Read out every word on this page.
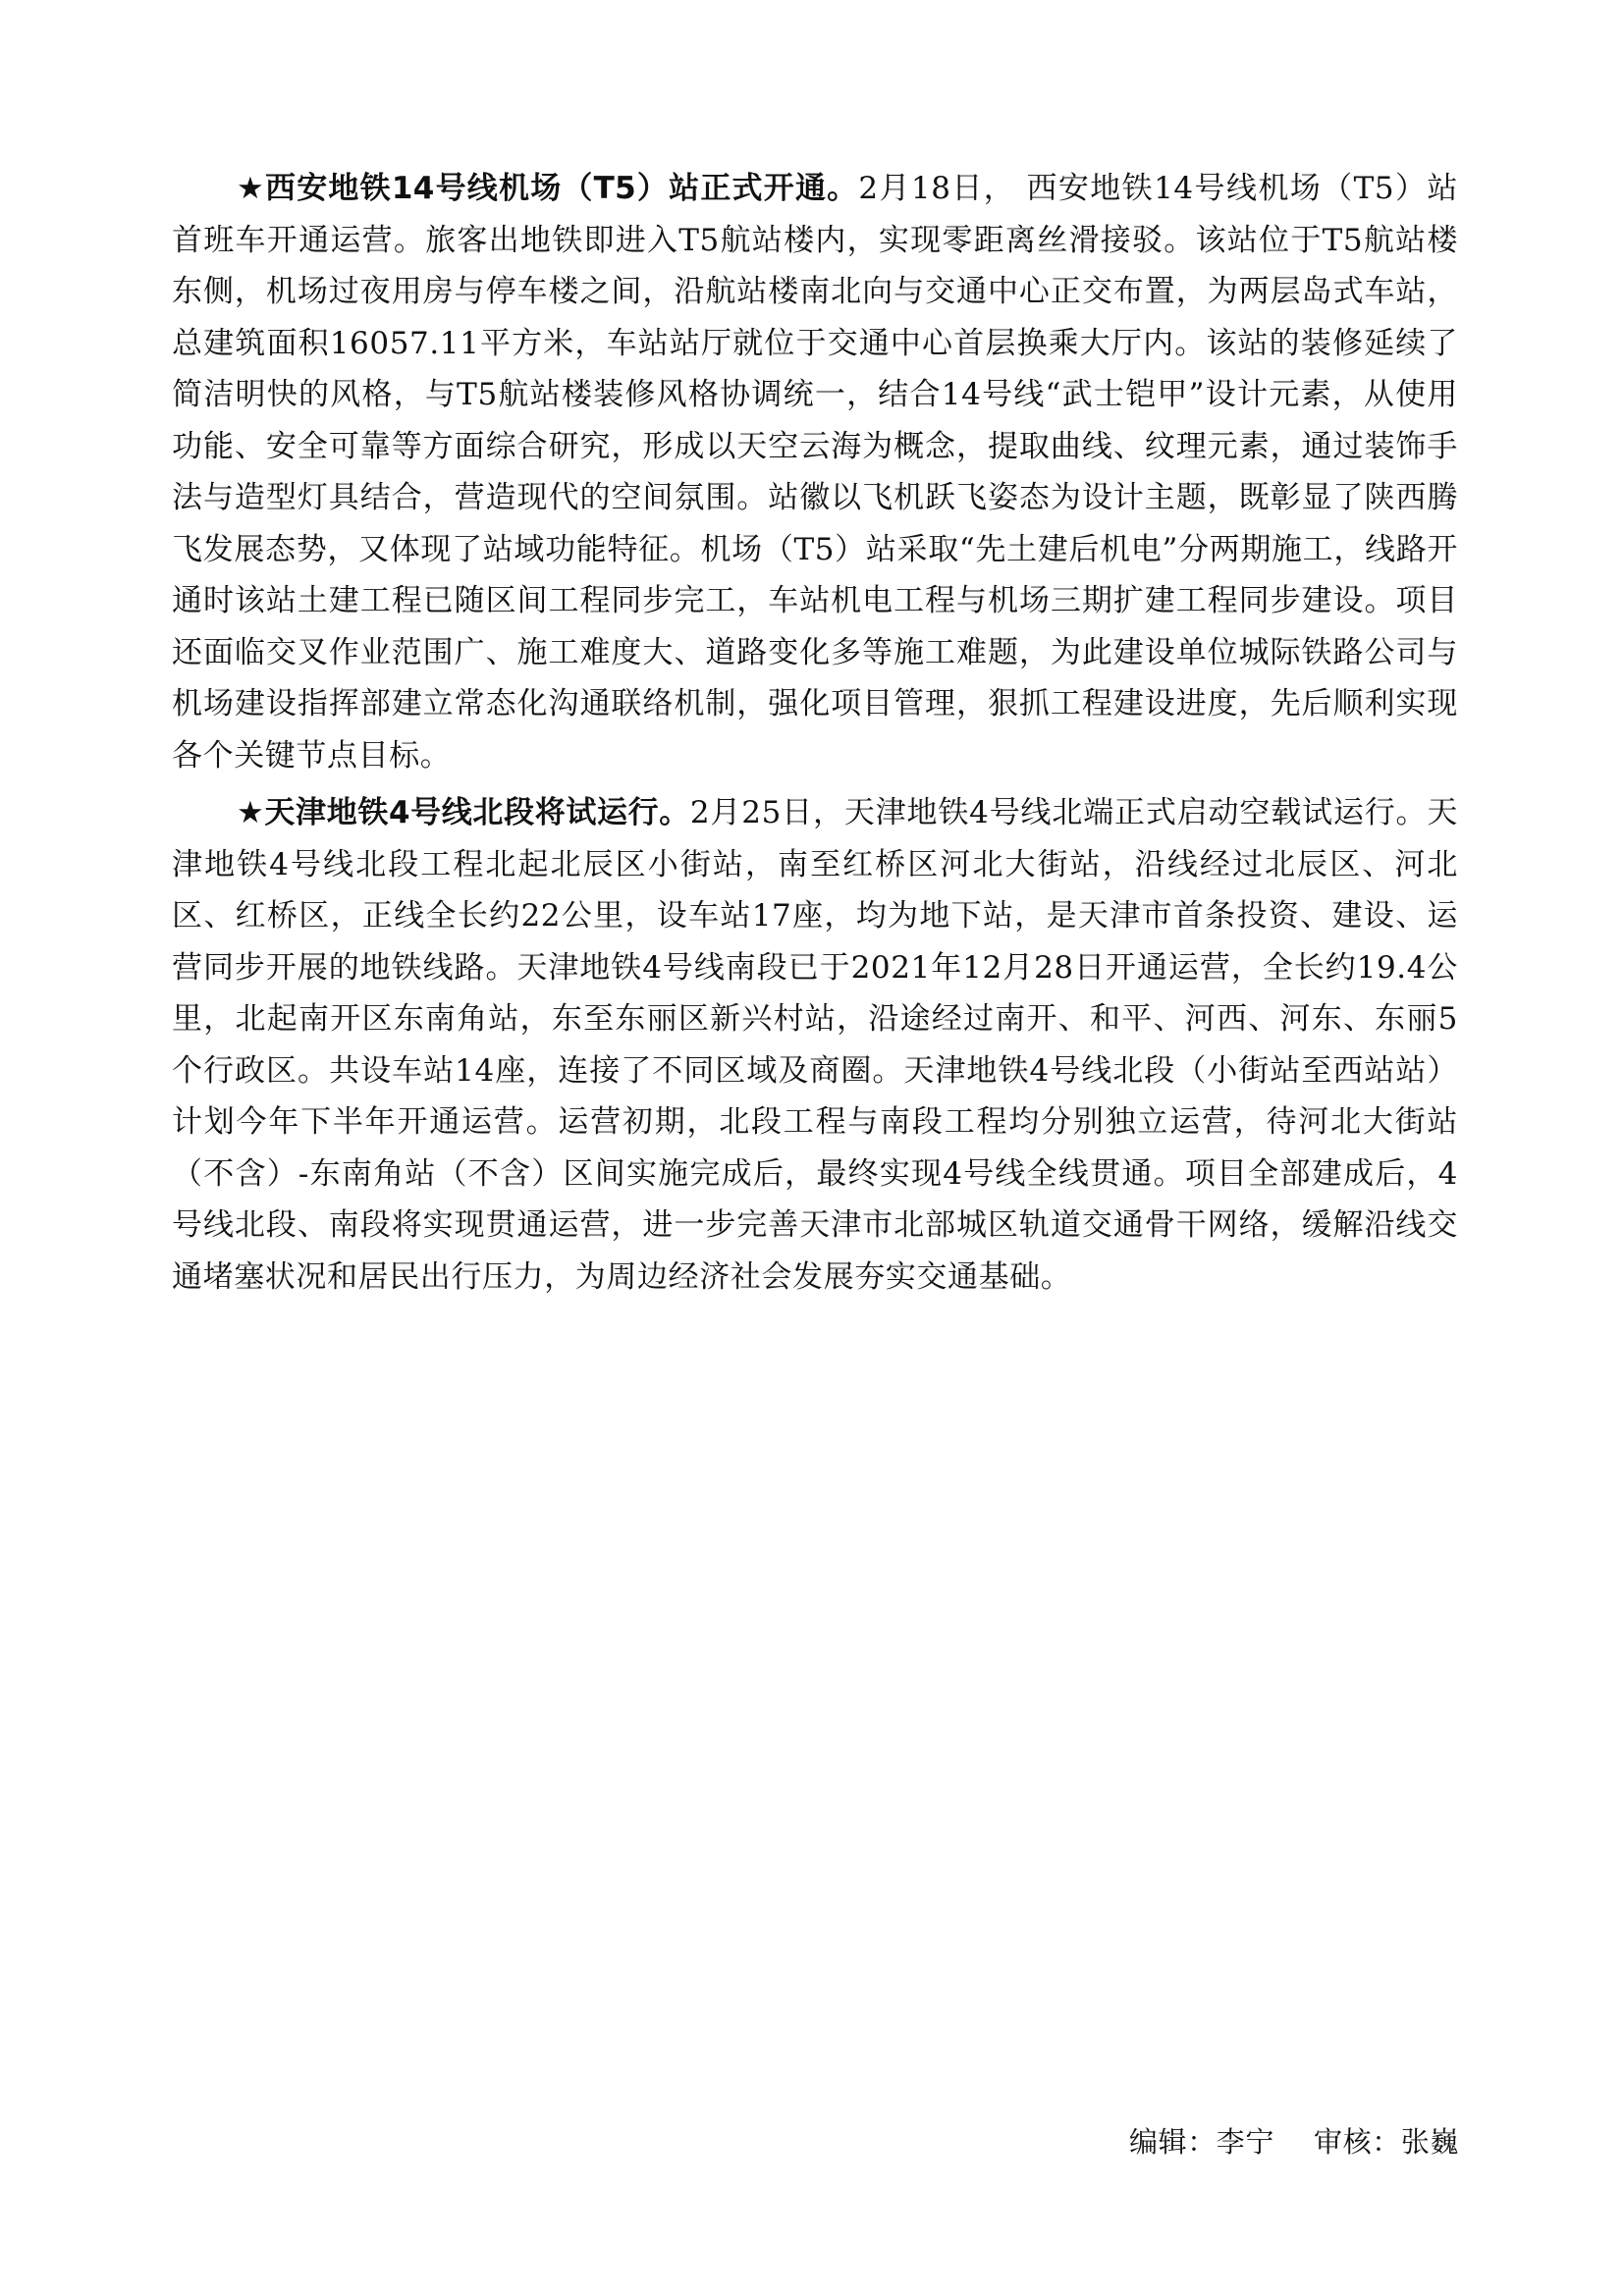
★西安地铁14号线机场（T5）站正式开通。2月18日， 西安地铁14号线机场（T5）站首班车开通运营。旅客出地铁即进入T5航站楼内，实现零距离丝滑接驳。该站位于T5航站楼东侧，机场过夜用房与停车楼之间，沿航站楼南北向与交通中心正交布置，为两层岛式车站，总建筑面积16057.11平方米，车站站厅就位于交通中心首层换乘大厅内。该站的装修延续了简洁明快的风格，与T5航站楼装修风格协调统一，结合14号线“武士铠甲”设计元素，从使用功能、安全可靠等方面综合研究，形成以天空云海为概念，提取曲线、纹理元素，通过装饰手法与造型灯具结合，营造现代的空间氛围。站徽以飞机跃飞姿态为设计主题，既彰显了陕西腾飞发展态势，又体现了站域功能特征。机场（T5）站采取“先土建后机电”分两期施工，线路开通时该站土建工程已随区间工程同步完工，车站机电工程与机场三期扩建工程同步建设。项目还面临交叉作业范围广、施工难度大、道路变化多等施工难题，为此建设单位城际铁路公司与机场建设指挥部建立常态化沟通联络机制，强化项目管理，狠抓工程建设进度，先后顺利实现各个关键节点目标。

★天津地铁4号线北段将试运行。2月25日，天津地铁4号线北端正式启动空载试运行。天津地铁4号线北段工程北起北辰区小街站，南至红桥区河北大街站，沿线经过北辰区、河北区、红桥区，正线全长约22公里，设车站17座，均为地下站，是天津市首条投资、建设、运营同步开展的地铁线路。天津地铁4号线南段已于2021年12月28日开通运营，全长约19.4公里，北起南开区东南角站，东至东丽区新兴村站，沿途经过南开、和平、河西、河东、东丽5个行政区。共设车站14座，连接了不同区域及商圈。天津地铁4号线北段（小街站至西站站）计划今年下半年开通运营。运营初期，北段工程与南段工程均分别独立运营，待河北大街站（不含）-东南角站（不含）区间实施完成后，最终实现4号线全线贯通。项目全部建成后，4号线北段、南段将实现贯通运营，进一步完善天津市北部城区轨道交通骨干网络，缓解沿线交通堵塞状况和居民出行压力，为周边经济社会发展夯实交通基础。

编辑：李宁 审核：张巍
